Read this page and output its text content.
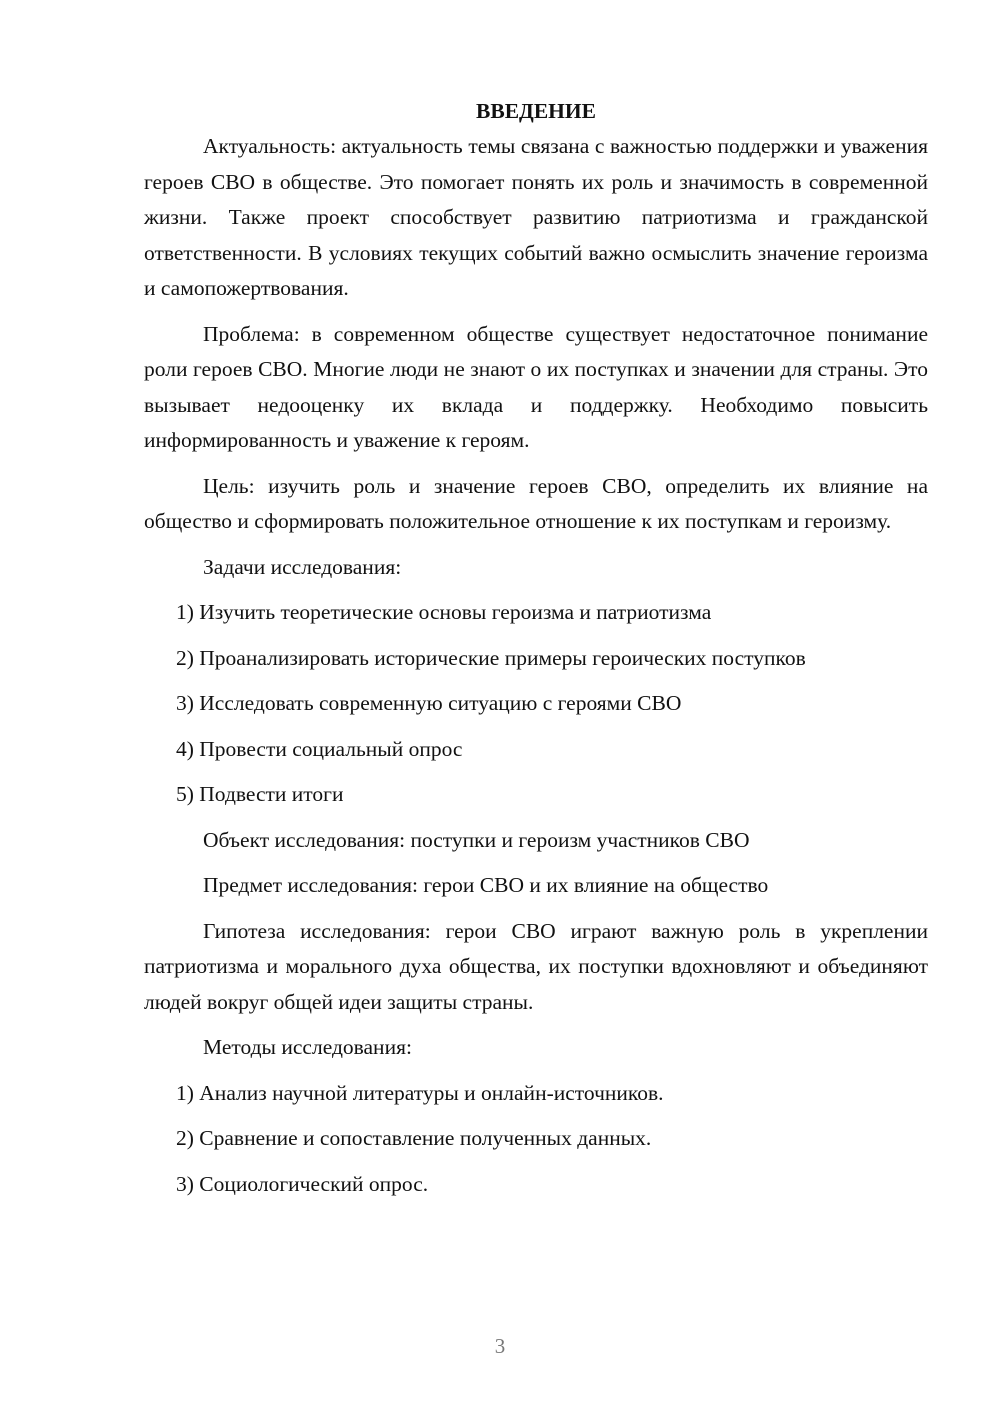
ВВЕДЕНИЕ

Актуальность: актуальность темы связана с важностью поддержки и уважения героев СВО в обществе. Это помогает понять их роль и значимость в современной жизни. Также проект способствует развитию патриотизма и гражданской ответственности. В условиях текущих событий важно осмыслить значение героизма и самопожертвования.

Проблема: в современном обществе существует недостаточное понимание роли героев СВО. Многие люди не знают о их поступках и значении для страны. Это вызывает недооценку их вклада и поддержку. Необходимо повысить информированность и уважение к героям.

Цель: изучить роль и значение героев СВО, определить их влияние на общество и сформировать положительное отношение к их поступкам и героизму.

Задачи исследования:
1) Изучить теоретические основы героизма и патриотизма
2) Проанализировать исторические примеры героических поступков
3) Исследовать современную ситуацию с героями СВО
4) Провести социальный опрос
5) Подвести итоги
Объект исследования: поступки и героизм участников СВО
Предмет исследования: герои СВО и их влияние на общество

Гипотеза исследования: герои СВО играют важную роль в укреплении патриотизма и морального духа общества, их поступки вдохновляют и объединяют людей вокруг общей идеи защиты страны.

Методы исследования:
1) Анализ научной литературы и онлайн-источников.
2) Сравнение и сопоставление полученных данных.
3) Социологический опрос.
3
